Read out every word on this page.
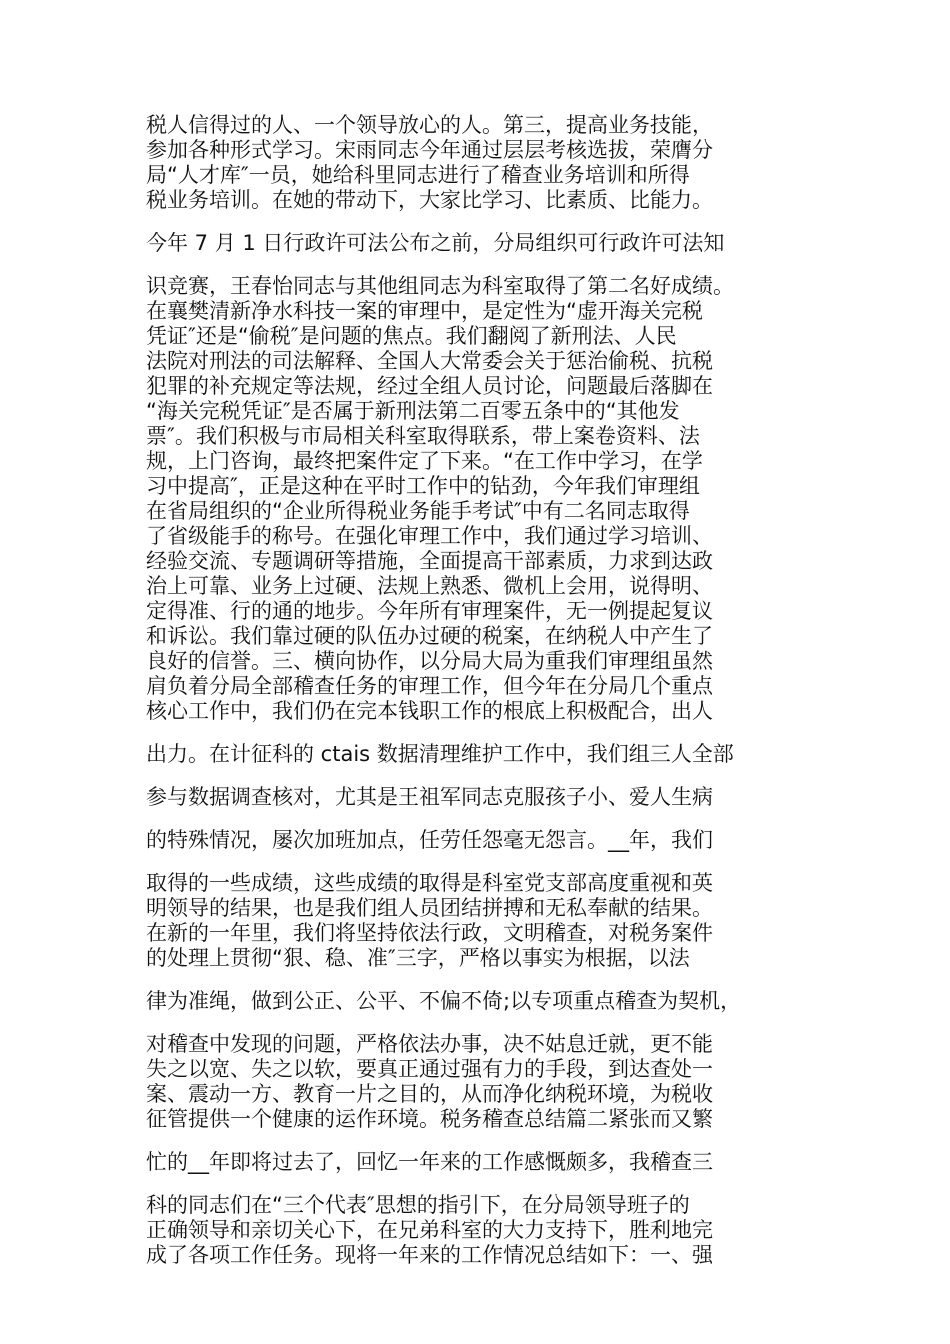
税人信得过的人、一个领导放心的人。第三，提高业务技能，
参加各种形式学习。宋雨同志今年通过层层考核选拔，荣膺分
局“人才库″一员，她给科里同志进行了稽查业务培训和所得
税业务培训。在她的带动下，大家比学习、比素质、比能力。
今年 7 月 1 日行政许可法公布之前，分局组织可行政许可法知
识竞赛，王春怡同志与其他组同志为科室取得了第二名好成绩。
在襄樊清新净水科技一案的审理中，是定性为“虚开海关完税
凭证″还是“偷税″是问题的焦点。我们翻阅了新刑法、人民
法院对刑法的司法解释、全国人大常委会关于惩治偷税、抗税
犯罪的补充规定等法规，经过全组人员讨论，问题最后落脚在
“海关完税凭证″是否属于新刑法第二百零五条中的“其他发
票″。我们积极与市局相关科室取得联系，带上案卷资料、法
规，上门咨询，最终把案件定了下来。“在工作中学习，在学
习中提高″，正是这种在平时工作中的钻劲，今年我们审理组
在省局组织的“企业所得税业务能手考试″中有二名同志取得
了省级能手的称号。在强化审理工作中，我们通过学习培训、
经验交流、专题调研等措施，全面提高干部素质，力求到达政
治上可靠、业务上过硬、法规上熟悉、微机上会用，说得明、
定得准、行的通的地步。今年所有审理案件，无一例提起复议
和诉讼。我们靠过硬的队伍办过硬的税案，在纳税人中产生了
良好的信誉。三、横向协作，以分局大局为重我们审理组虽然
肩负着分局全部稽查任务的审理工作，但今年在分局几个重点
核心工作中，我们仍在完本钱职工作的根底上积极配合，出人
出力。在计征科的 ctais 数据清理维护工作中，我们组三人全部
参与数据调查核对，尤其是王祖军同志克服孩子小、爱人生病
的特殊情况，屡次加班加点，任劳任怨毫无怨言。__年，我们
取得的一些成绩，这些成绩的取得是科室党支部高度重视和英
明领导的结果，也是我们组人员团结拼搏和无私奉献的结果。
在新的一年里，我们将坚持依法行政，文明稽查，对税务案件
的处理上贯彻“狠、稳、准″三字，严格以事实为根据，以法
律为准绳，做到公正、公平、不偏不倚;以专项重点稽查为契机，
对稽查中发现的问题，严格依法办事，决不姑息迁就，更不能
失之以宽、失之以软，要真正通过强有力的手段，到达查处一
案、震动一方、教育一片之目的，从而净化纳税环境，为税收
征管提供一个健康的运作环境。税务稽查总结篇二紧张而又繁
忙的__年即将过去了，回忆一年来的工作感慨颇多，我稽查三
科的同志们在“三个代表″思想的指引下，在分局领导班子的
正确领导和亲切关心下，在兄弟科室的大力支持下，胜利地完
成了各项工作任务。现将一年来的工作情况总结如下：一、强
